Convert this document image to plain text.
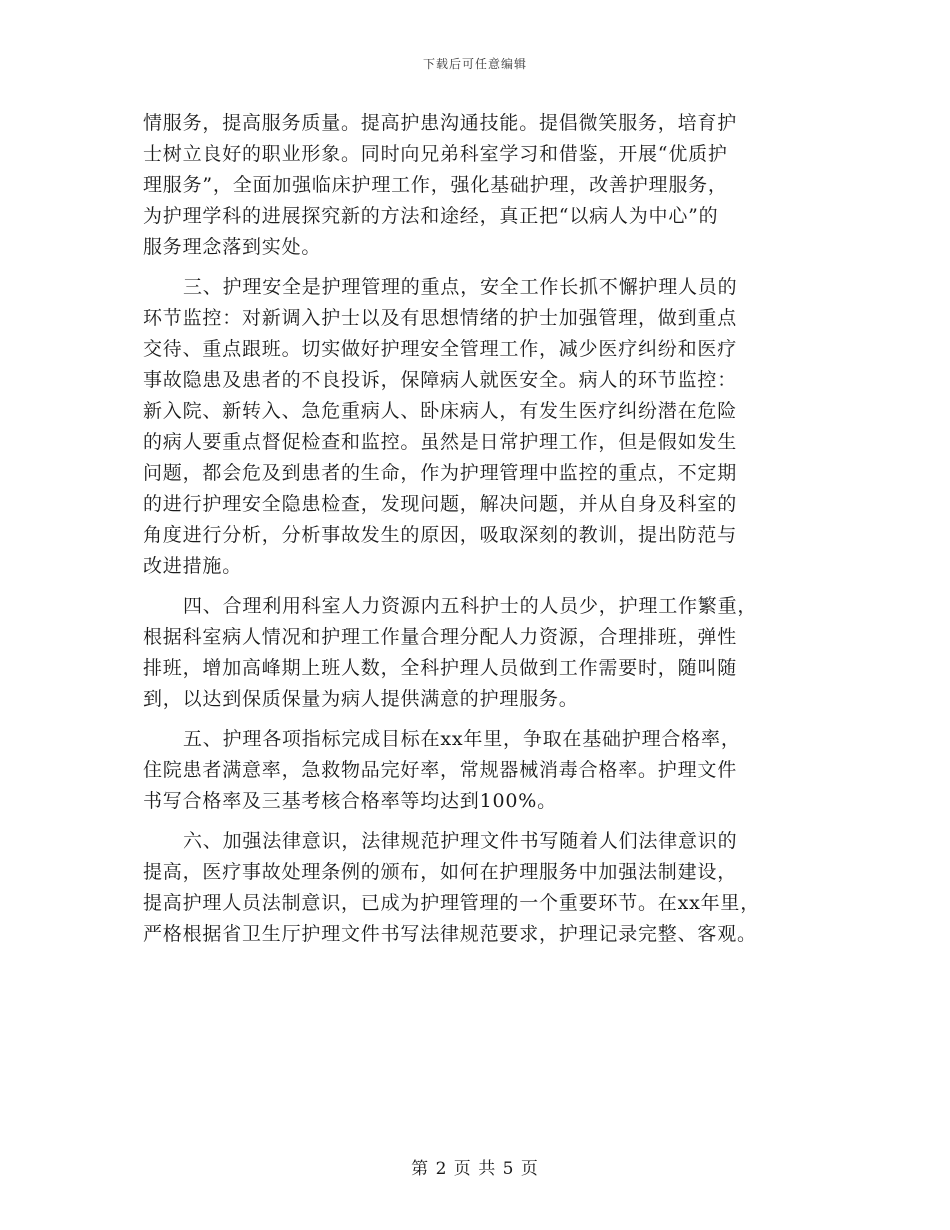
下载后可任意编辑
情服务，提高服务质量。提高护患沟通技能。提倡微笑服务，培育护
士树立良好的职业形象。同时向兄弟科室学习和借鉴，开展“优质护
理服务”，全面加强临床护理工作，强化基础护理，改善护理服务，
为护理学科的进展探究新的方法和途经，真正把“以病人为中心”的
服务理念落到实处。
三、护理安全是护理管理的重点，安全工作长抓不懈护理人员的
环节监控：对新调入护士以及有思想情绪的护士加强管理，做到重点
交待、重点跟班。切实做好护理安全管理工作，减少医疗纠纷和医疗
事故隐患及患者的不良投诉，保障病人就医安全。病人的环节监控：
新入院、新转入、急危重病人、卧床病人，有发生医疗纠纷潜在危险
的病人要重点督促检查和监控。虽然是日常护理工作，但是假如发生
问题，都会危及到患者的生命，作为护理管理中监控的重点，不定期
的进行护理安全隐患检查，发现问题，解决问题，并从自身及科室的
角度进行分析，分析事故发生的原因，吸取深刻的教训，提出防范与
改进措施。
四、合理利用科室人力资源内五科护士的人员少，护理工作繁重，
根据科室病人情况和护理工作量合理分配人力资源，合理排班，弹性
排班，增加高峰期上班人数，全科护理人员做到工作需要时，随叫随
到，以达到保质保量为病人提供满意的护理服务。
五、护理各项指标完成目标在xx年里，争取在基础护理合格率，
住院患者满意率，急救物品完好率，常规器械消毒合格率。护理文件
书写合格率及三基考核合格率等均达到100%。
六、加强法律意识，法律规范护理文件书写随着人们法律意识的
提高，医疗事故处理条例的颁布，如何在护理服务中加强法制建设，
提高护理人员法制意识，已成为护理管理的一个重要环节。在xx年里，
严格根据省卫生厅护理文件书写法律规范要求，护理记录完整、客观。
第 2 页 共 5 页
